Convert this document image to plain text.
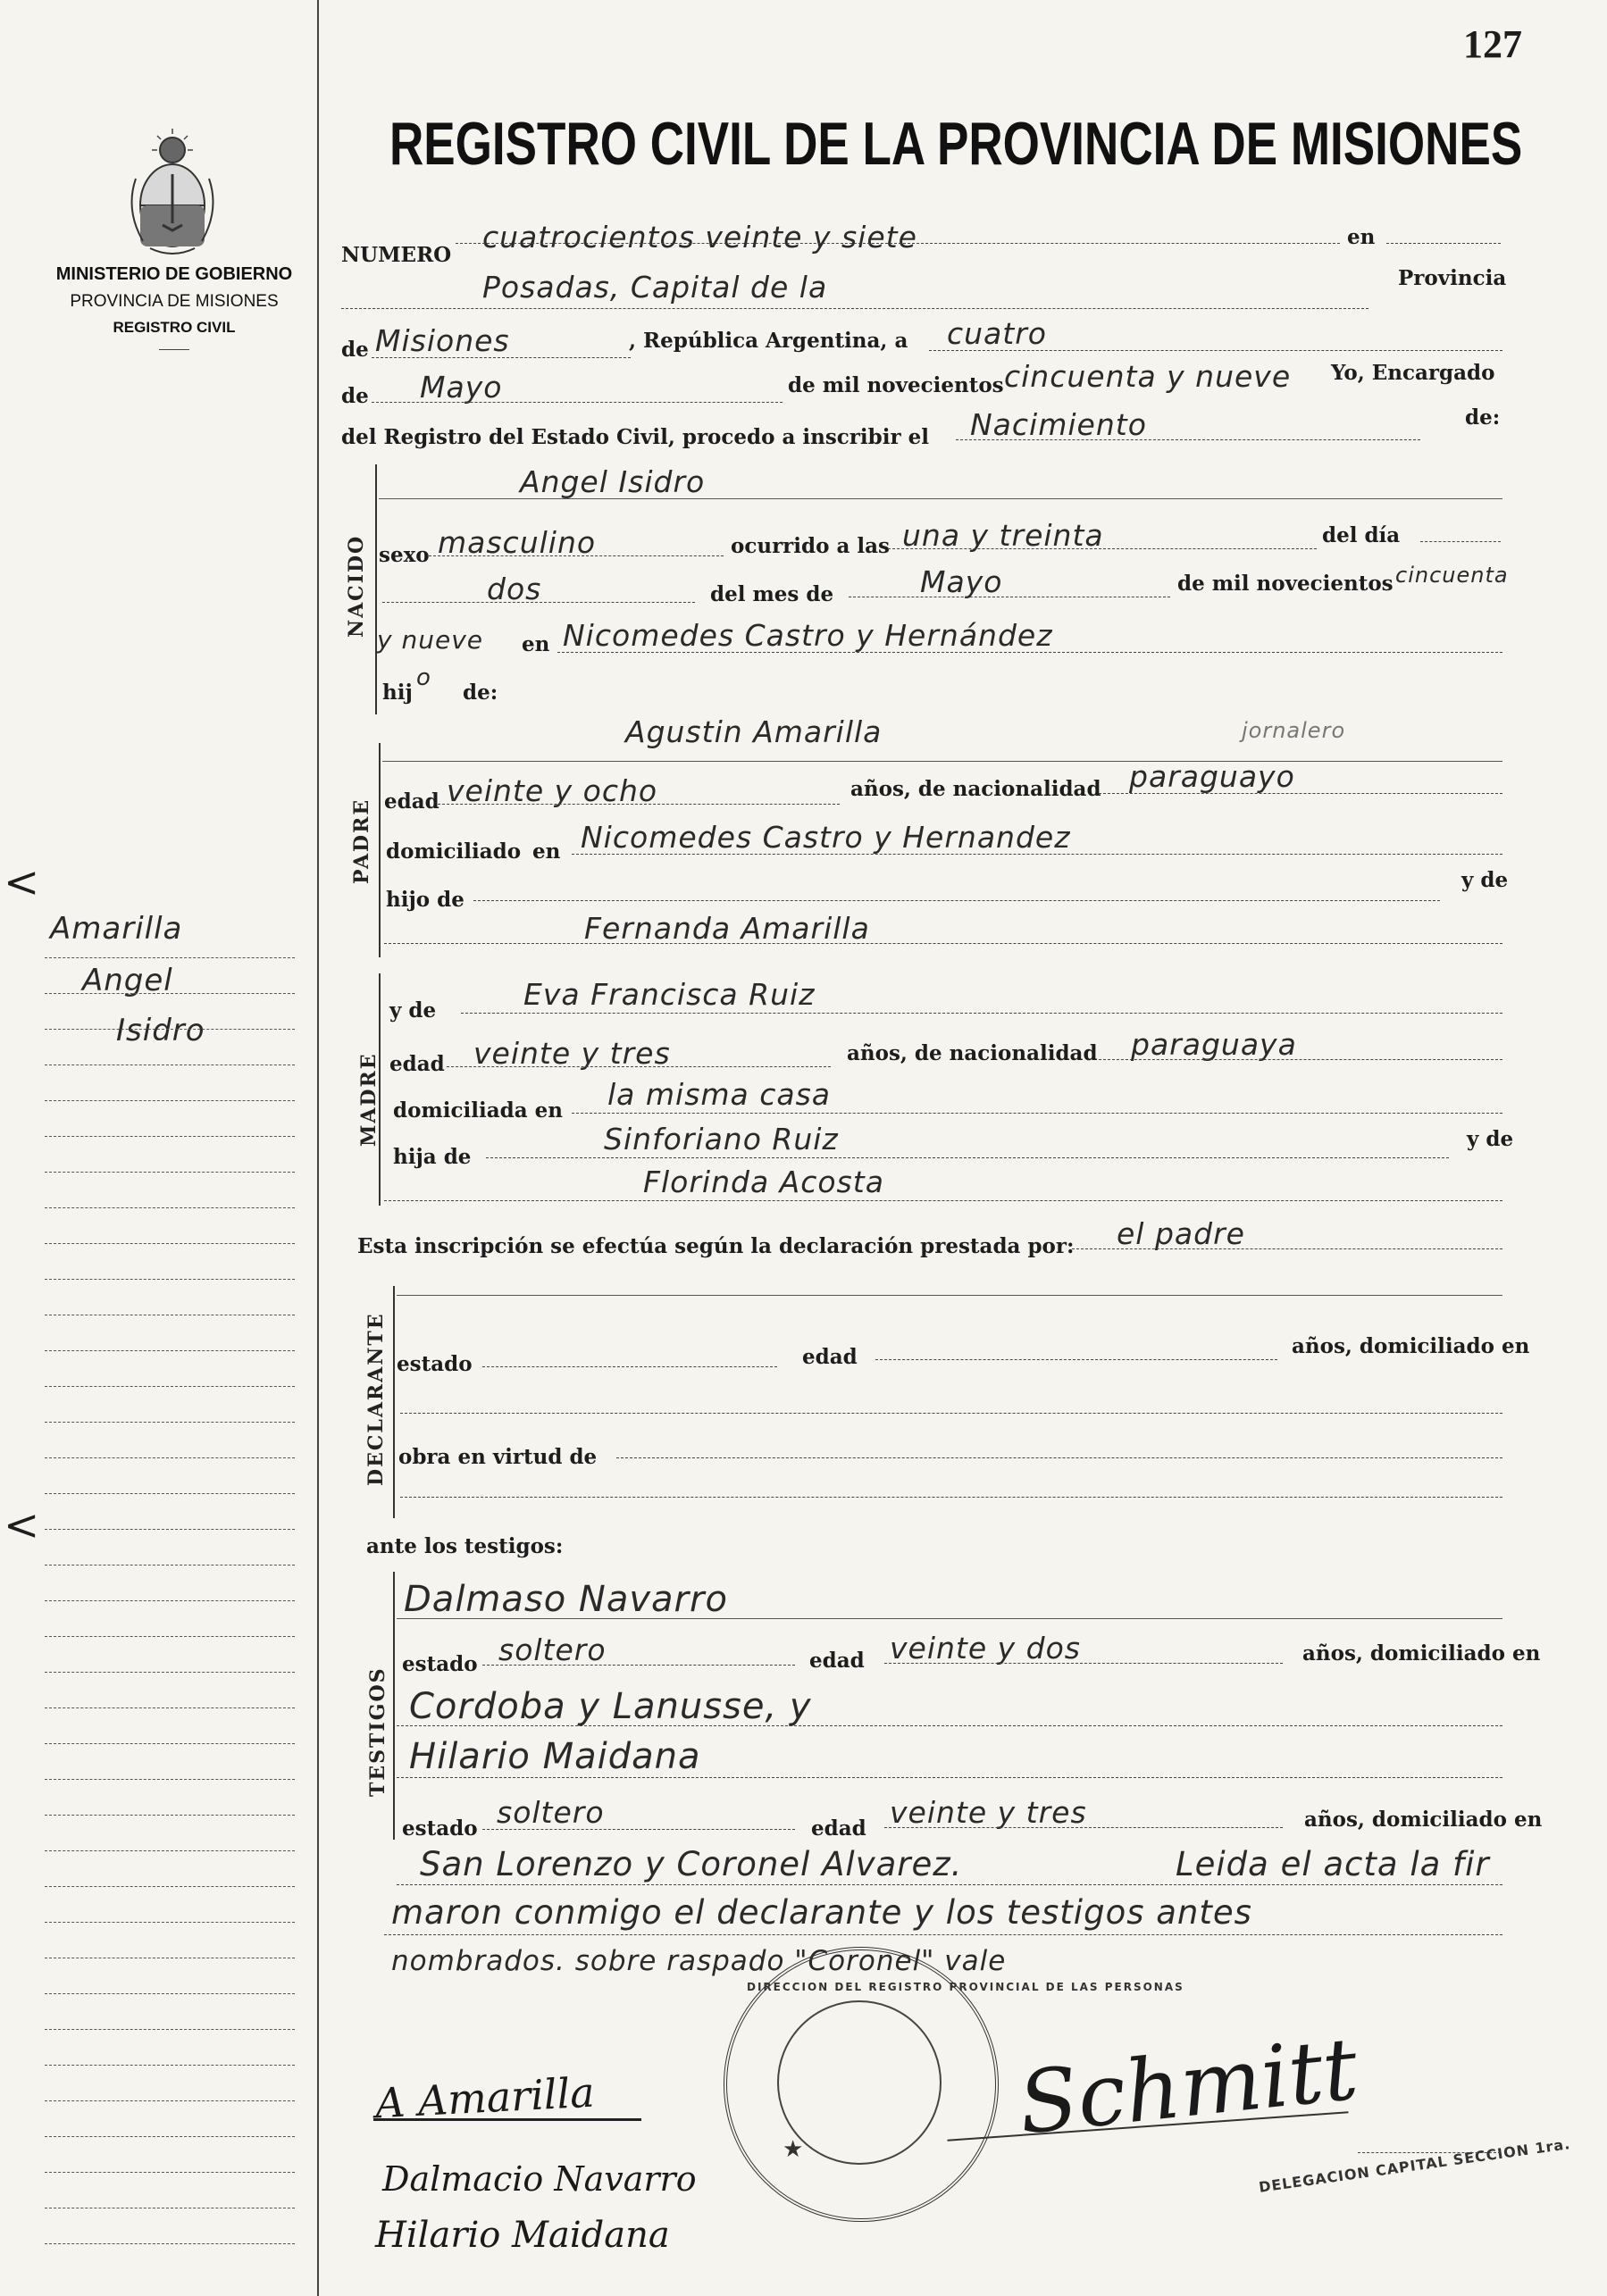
127
MINISTERIO DE GOBIERNO
PROVINCIA DE MISIONES
REGISTRO CIVIL
REGISTRO CIVIL DE LA PROVINCIA DE MISIONES
<
<
Amarilla
Angel
Isidro
NUMERO
cuatrocientos veinte y siete	en
Posadas, Capital de la	Provincia
de Misiones	, República Argentina, a cuatro
de Mayo	de mil novecientos cincuenta y nueve Yo, Encargado
del Registro del Estado Civil, procedo a inscribir el Nacimiento	de:
NACIDO
Angel Isidro
sexo masculino	ocurrido a las una y treinta	del día
dos	del mes de	Mayo	de mil novecientos cincuenta
y nueve en Nicomedes Castro y Hernández
hij
o
de:
PADRE
Agustin Amarilla	jornalero
edad veinte y ocho	años, de nacionalidad paraguayo
domiciliado en Nicomedes Castro y Hernandez
hijo de
y de
Fernanda Amarilla
MADRE
y de	Eva Francisca Ruiz
edad veinte y tres	años, de nacionalidad paraguaya
domiciliada en la misma casa
hija de
Sinforiano Ruiz	y de
Florinda Acosta
Esta inscripción se efectúa según la declaración prestada por: el padre
DECLARANTE estado	edad	años, domiciliado en
obra en virtud de
ante los testigos:
TESTIGOS
Dalmaso Navarro
estado soltero	edad veinte y dos	años, domiciliado en
Cordoba y Lanusse, y
Hilario Maidana
estado soltero	edad veinte y tres	años, domiciliado en
San Lorenzo y Coronel Alvarez.	Leida el acta la fir
maron conmigo el declarante y los testigos antes
nombrados. sobre raspado "Coronel" vale
DIRECCION DEL REGISTRO PROVINCIAL DE LAS PERSONAS
★	DELEGACION CAPITAL SECCION 1ra.
A Amarilla
Dalmacio Navarro
Hilario Maidana
Schmitt
